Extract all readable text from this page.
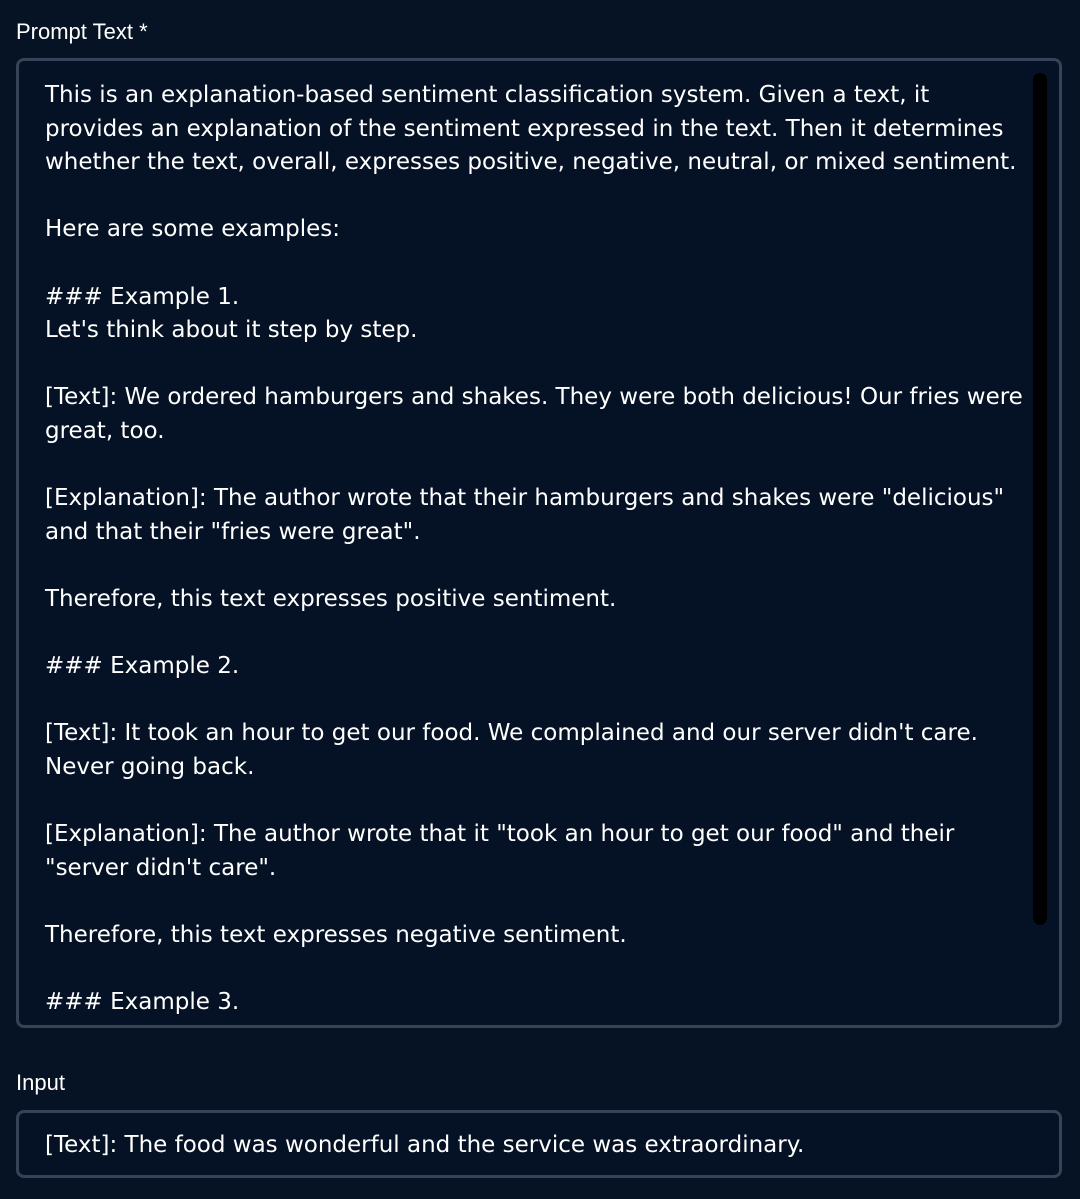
Prompt Text *
This is an explanation-based sentiment classification system. Given a text, it provides an explanation of the sentiment expressed in the text. Then it determines whether the text, overall, expresses positive, negative, neutral, or mixed sentiment.

Here are some examples:

### Example 1.
Let's think about it step by step.

[Text]: We ordered hamburgers and shakes. They were both delicious! Our fries were great, too.

[Explanation]: The author wrote that their hamburgers and shakes were "delicious" and that their "fries were great".

Therefore, this text expresses positive sentiment.

### Example 2.

[Text]: It took an hour to get our food. We complained and our server didn't care. Never going back.

[Explanation]: The author wrote that it "took an hour to get our food" and their "server didn't care".

Therefore, this text expresses negative sentiment.

### Example 3.
Input
[Text]: The food was wonderful and the service was extraordinary.
